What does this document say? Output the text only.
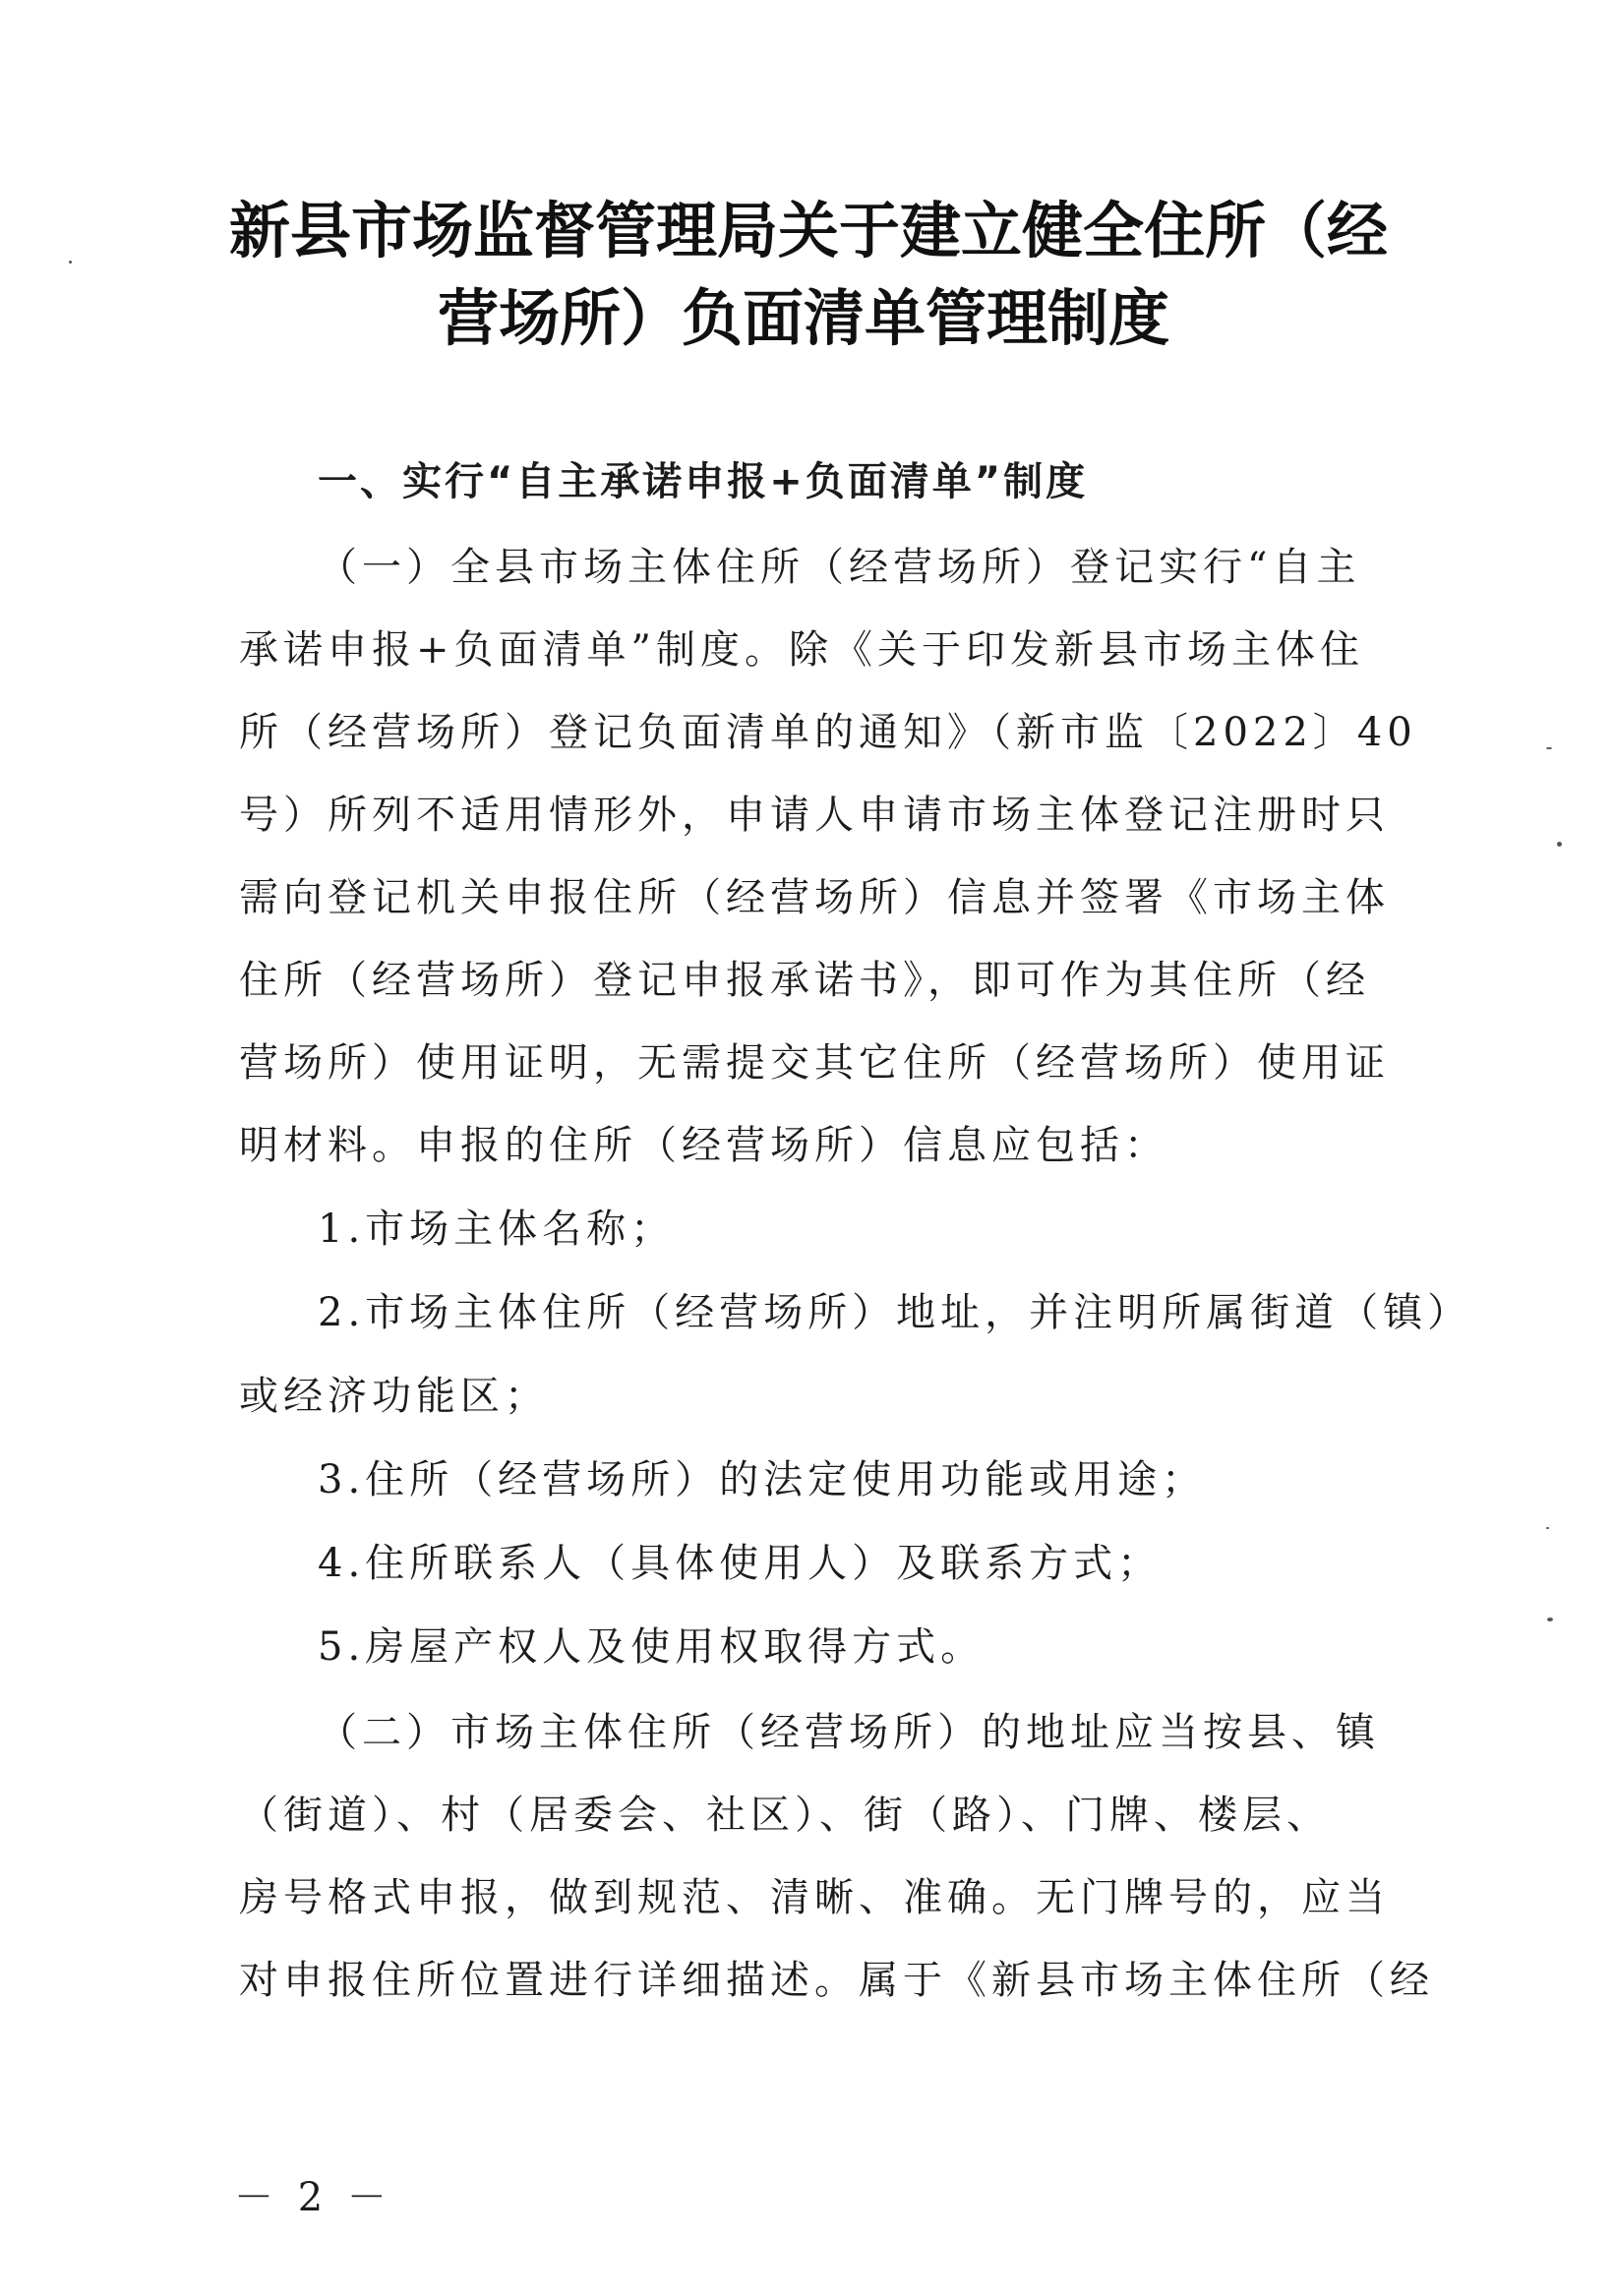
新县市场监督管理局关于建立健全住所（经
营场所）负面清单管理制度
一、实行“自主承诺申报+负面清单”制度
（一）全县市场主体住所（经营场所）登记实行“自主
承诺申报+负面清单”制度。除《关于印发新县市场主体住
所（经营场所）登记负面清单的通知》（新市监〔2022〕40
号）所列不适用情形外，申请人申请市场主体登记注册时只
需向登记机关申报住所（经营场所）信息并签署《市场主体
住所（经营场所）登记申报承诺书》，即可作为其住所（经
营场所）使用证明，无需提交其它住所（经营场所）使用证
明材料。申报的住所（经营场所）信息应包括：
1.市场主体名称；
2.市场主体住所（经营场所）地址，并注明所属街道（镇）
或经济功能区；
3.住所（经营场所）的法定使用功能或用途；
4.住所联系人（具体使用人）及联系方式；
5.房屋产权人及使用权取得方式。
（二）市场主体住所（经营场所）的地址应当按县、镇
（街道）、村（居委会、社区）、街（路）、门牌、楼层、
房号格式申报，做到规范、清晰、准确。无门牌号的，应当
对申报住所位置进行详细描述。属于《新县市场主体住所（经
－ 2 －
